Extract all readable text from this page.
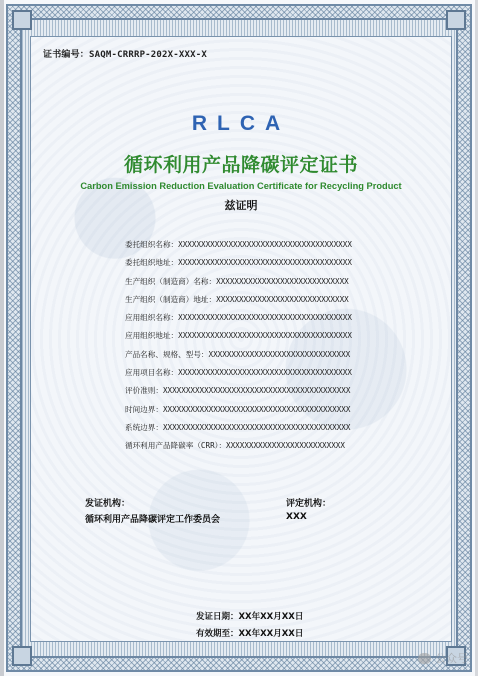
证书编号：SAQM-CRRRP-202X-XXX-X
RLCA
循环利用产品降碳评定证书
Carbon Emission Reduction Evaluation Certificate for Recycling Product
兹证明
委托组织名称：XXXXXXXXXXXXXXXXXXXXXXXXXXXXXXXXXXXXXX
委托组织地址：XXXXXXXXXXXXXXXXXXXXXXXXXXXXXXXXXXXXXX
生产组织（制造商）名称：XXXXXXXXXXXXXXXXXXXXXXXXXXXXX
生产组织（制造商）地址：XXXXXXXXXXXXXXXXXXXXXXXXXXXXX
应用组织名称：XXXXXXXXXXXXXXXXXXXXXXXXXXXXXXXXXXXXXX
应用组织地址：XXXXXXXXXXXXXXXXXXXXXXXXXXXXXXXXXXXXXX
产品名称、规格、型号：XXXXXXXXXXXXXXXXXXXXXXXXXXXXXXX
应用项目名称：XXXXXXXXXXXXXXXXXXXXXXXXXXXXXXXXXXXXXX
评价准则：XXXXXXXXXXXXXXXXXXXXXXXXXXXXXXXXXXXXXXXXX
时间边界：XXXXXXXXXXXXXXXXXXXXXXXXXXXXXXXXXXXXXXXXX
系统边界：XXXXXXXXXXXXXXXXXXXXXXXXXXXXXXXXXXXXXXXXX
循环利用产品降碳率（CRR）：XXXXXXXXXXXXXXXXXXXXXXXXXX
发证机构：	评定机构：
循环利用产品降碳评定工作委员会	XXX
发证日期：XX年XX月XX日
有效期至：XX年XX月XX日
公众号
